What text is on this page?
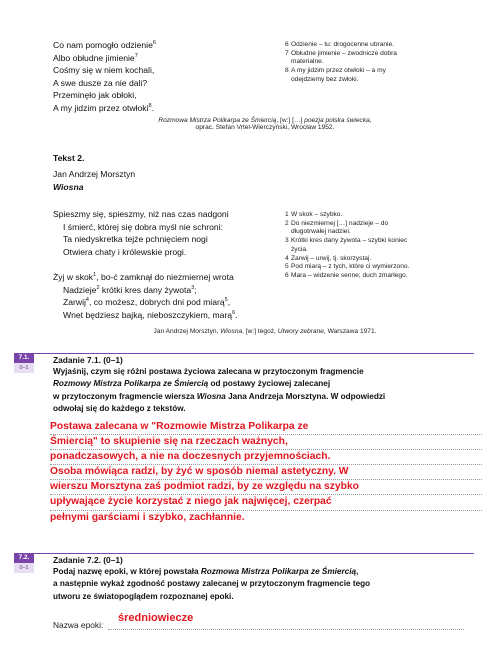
Co nam pomogło odzienie$^6$
Albo obłudne jimienie$^7$
Cośmy się w niem kochali,
A swe dusze za nie dali?
Przeminęło jak obłoki,
A my jidzim przez otwłoki$^8$.
6 Odzienie – tu: drogocenne ubranie.
7 Obłudne jimienie – zwodnicze dobra
materialne.
8 A my jidzim przez otwłoki – a my
odejdziemy bez zwłoki.
Rozmowa Mistrza Polikarpa ze Śmiercią, [w:] […] poezja polska świecka,
oprac. Stefan Vrtel-Wierczyński, Wrocław 1952.
Tekst 2.
Jan Andrzej Morsztyn
Wiosna
Spieszmy się, spieszmy, niż nas czas nadgoni
I śmierć, której się dobra myśl nie schroni:
Ta niedyskretka tejże pchnięciem nogi
Otwiera chaty i królewskie progi.
Żyj w skok$^1$, bo-ć zamknął do niezmiernej wrota
Nadzieje$^2$ krótki kres dany żywota$^3$;
Zarwij$^4$, co możesz, dobrych dni pod miarą$^5$,
Wnet będziesz bajką, nieboszczykiem, marą$^6$.
1 W skok – szybko.
2 Do niezmiernej […] nadzieje – do
długotrwałej nadziei.
3 Krótki kres dany żywota – szybki koniec
życia.
4 Zarwij – urwij, tj. skorzystaj.
5 Pod miarą – z tych, które ci wymierzono.
6 Mara – widzenie senne; duch zmarłego.
Jan Andrzej Morsztyn, Wiosna, [w:] tegoż, Utwory zebrane, Warszawa 1971.
7.1.
0–1
Zadanie 7.1. (0–1)
Wyjaśnij, czym się różni postawa życiowa zalecana w przytoczonym fragmencie
Rozmowy Mistrza Polikarpa ze Śmiercią od postawy życiowej zalecanej
w przytoczonym fragmencie wiersza Wiosna Jana Andrzeja Morsztyna. W odpowiedzi
odwołaj się do każdego z tekstów.
Postawa zalecana w "Rozmowie Mistrza Polikarpa ze
Śmiercią" to skupienie się na rzeczach ważnych,
ponadczasowych, a nie na doczesnych przyjemnościach.
Osoba mówiąca radzi, by żyć w sposób niemal astetyczny. W
wierszu Morsztyna zaś podmiot radzi, by ze względu na szybko
upływające życie korzystać z niego jak najwięcej, czerpać
pełnymi garściami i szybko, zachłannie.
7.2.
0–1
Zadanie 7.2. (0–1)
Podaj nazwę epoki, w której powstała Rozmowa Mistrza Polikarpa ze Śmiercią,
a następnie wykaż zgodność postawy zalecanej w przytoczonym fragmencie tego
utworu ze światopoglądem rozpoznanej epoki.
Nazwa epoki:
średniowiecze
